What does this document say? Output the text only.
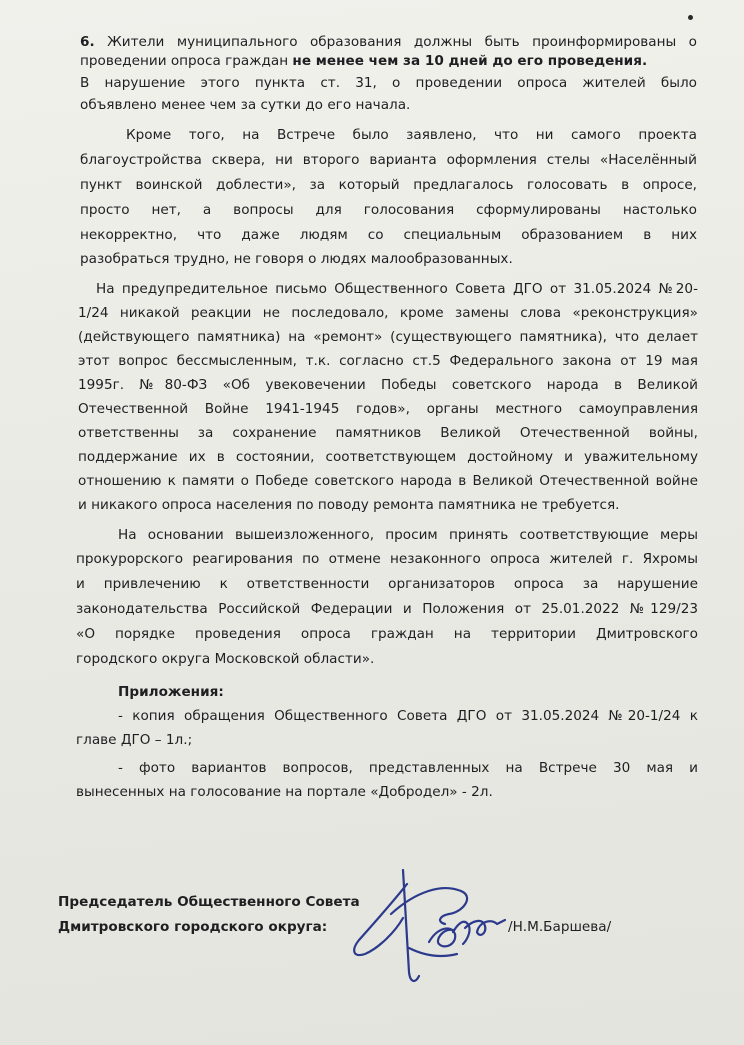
6. Жители муниципального образования должны быть проинформированы о
проведении опроса граждан не менее чем за 10 дней до его проведения.
В нарушение этого пункта ст. 31, о проведении опроса жителей было
объявлено менее чем за сутки до его начала.
Кроме того, на Встрече было заявлено, что ни самого проекта
благоустройства сквера, ни второго варианта оформления стелы «Населённый
пункт воинской доблести», за который предлагалось голосовать в опросе,
просто нет, а вопросы для голосования сформулированы настолько
некорректно, что даже людям со специальным образованием в них
разобраться трудно, не говоря о людях малообразованных.
На предупредительное письмо Общественного Совета ДГО от 31.05.2024 №20-
1/24 никакой реакции не последовало, кроме замены слова «реконструкция»
(действующего памятника) на «ремонт» (существующего памятника), что делает
этот вопрос бессмысленным, т.к. согласно ст.5 Федерального закона от 19 мая
1995г. №80-ФЗ «Об увековечении Победы советского народа в Великой
Отечественной Войне 1941-1945 годов», органы местного самоуправления
ответственны за сохранение памятников Великой Отечественной войны,
поддержание их в состоянии, соответствующем достойному и уважительному
отношению к памяти о Победе советского народа в Великой Отечественной войне
и никакого опроса населения по поводу ремонта памятника не требуется.
На основании вышеизложенного, просим принять соответствующие меры
прокурорского реагирования по отмене незаконного опроса жителей г. Яхромы
и привлечению к ответственности организаторов опроса за нарушение
законодательства Российской Федерации и Положения от 25.01.2022 №129/23
«О порядке проведения опроса граждан на территории Дмитровского
городского округа Московской области».
Приложения:
- копия обращения Общественного Совета ДГО от 31.05.2024 №20-1/24 к
главе ДГО – 1л.;
- фото вариантов вопросов, представленных на Встрече 30 мая и
вынесенных на голосование на портале «Добродел» - 2л.
Председатель Общественного Совета
Дмитровского городского округа:	/Н.М.Баршева/
